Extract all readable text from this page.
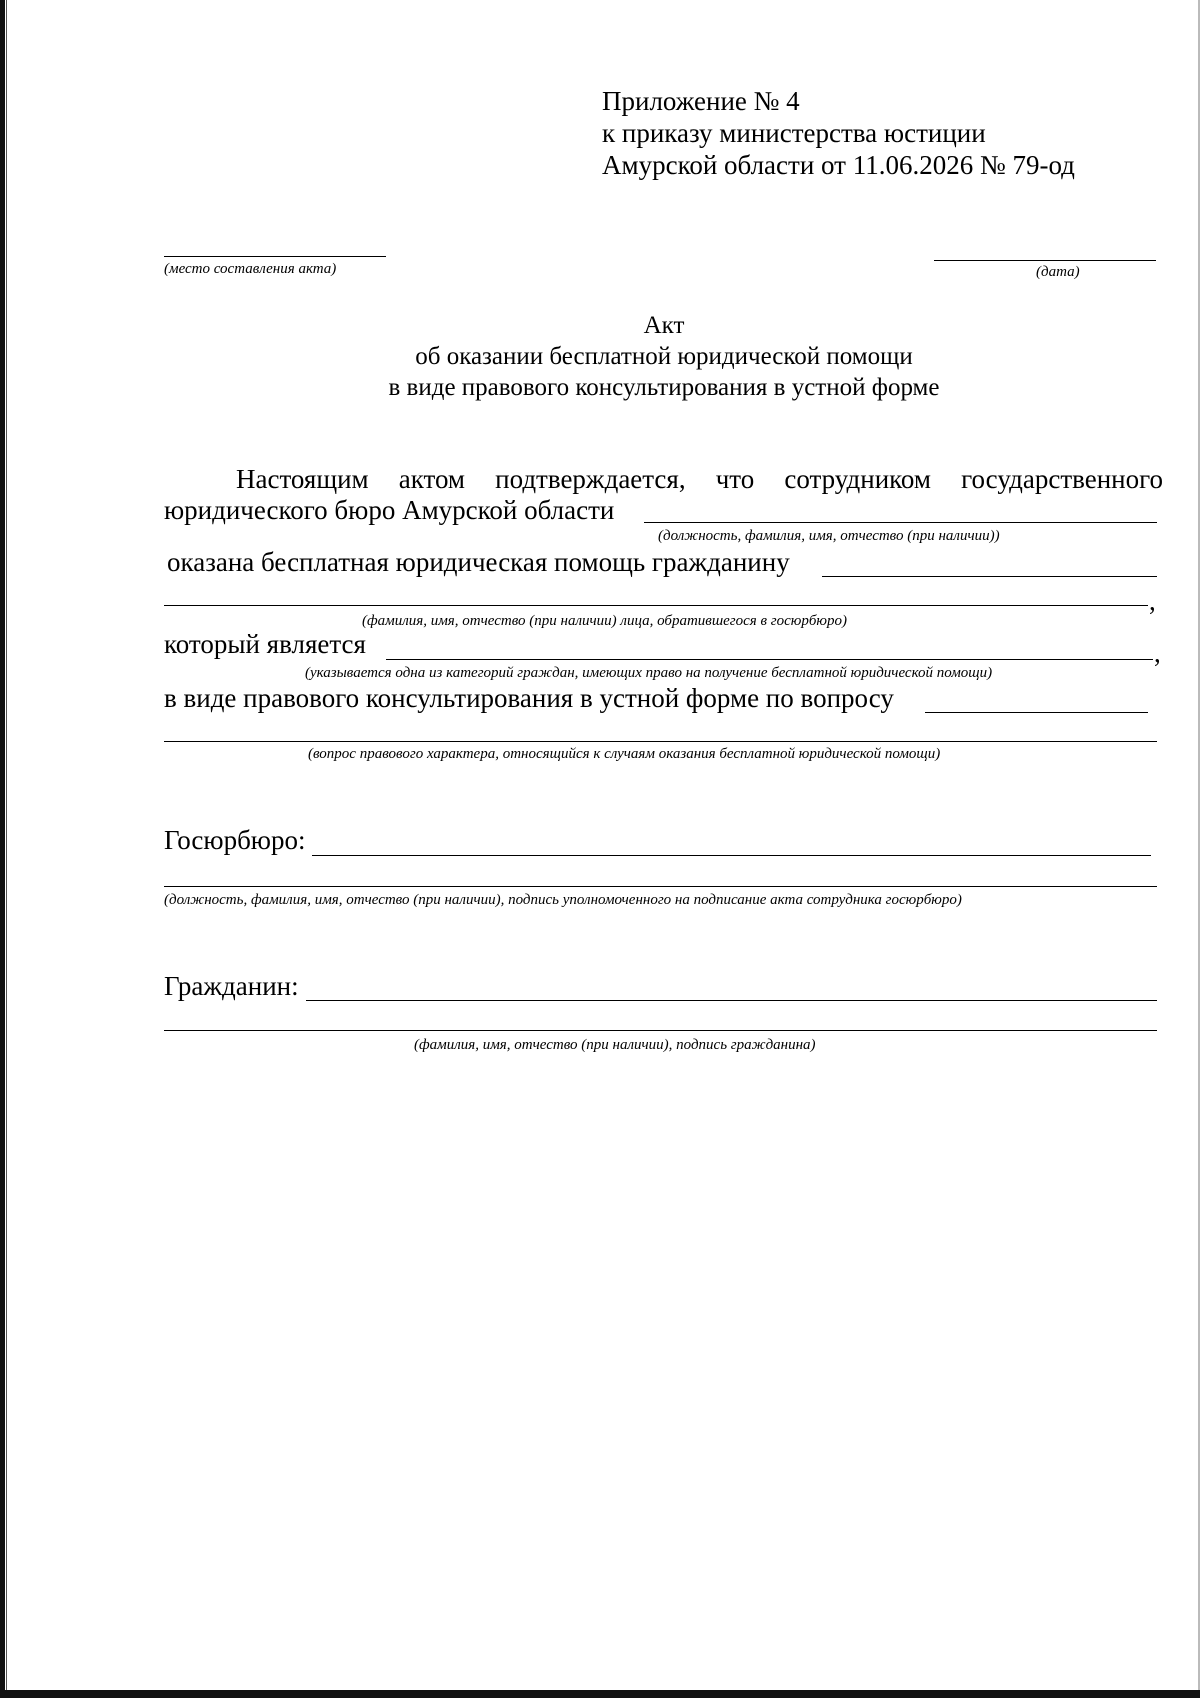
Приложение № 4
к приказу министерства юстиции
Амурской области от 11.06.2026 № 79-од
(место составления акта)	(дата)
Акт
об оказании бесплатной юридической помощи
в виде правового консультирования в устной форме
Настоящим актом подтверждается, что сотрудником государственного
юридического бюро Амурской области
(должность, фамилия, имя, отчество (при наличии))
оказана бесплатная юридическая помощь гражданину
,
(фамилия, имя, отчество (при наличии) лица, обратившегося в госюрбюро)
который является	,
(указывается одна из категорий граждан, имеющих право на получение бесплатной юридической помощи)
в виде правового консультирования в устной форме по вопросу
(вопрос правового характера, относящийся к случаям оказания бесплатной юридической помощи)
Госюрбюро:
(должность, фамилия, имя, отчество (при наличии), подпись уполномоченного на подписание акта сотрудника госюрбюро)
Гражданин:
(фамилия, имя, отчество (при наличии), подпись гражданина)
